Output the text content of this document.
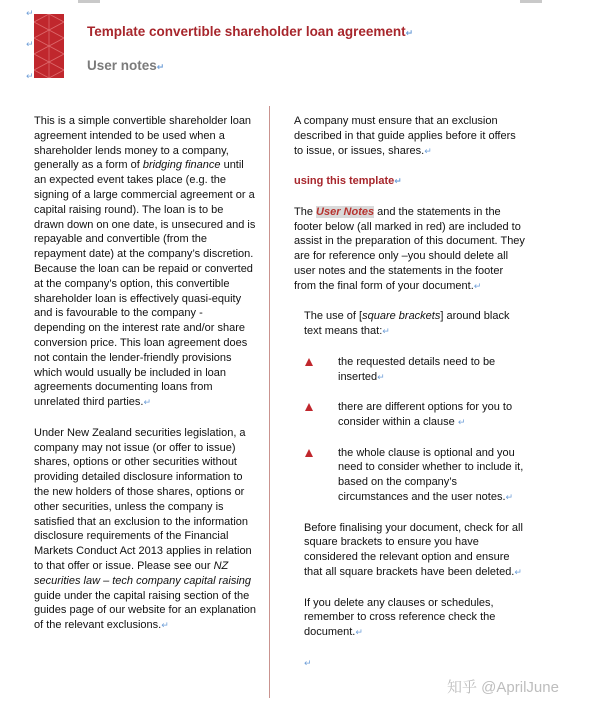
↵
↵
↵
Template convertible shareholder loan agreement↵
User notes↵

This is a simple convertible shareholder loan agreement intended to be used when a shareholder lends money to a company, generally as a form of bridging finance until an expected event takes place (e.g. the signing of a large commercial agreement or a capital raising round). The loan is to be drawn down on one date, is unsecured and is repayable and convertible (from the repayment date) at the company’s discretion. Because the loan can be repaid or converted at the company’s option, this convertible shareholder loan is effectively quasi-equity and is favourable to the company - depending on the interest rate and/or share conversion price. This loan agreement does not contain the lender-friendly provisions which would usually be included in loan agreements documenting loans from unrelated third parties.↵

Under New Zealand securities legislation, a company may not issue (or offer to issue) shares, options or other securities without providing detailed disclosure information to the new holders of those shares, options or other securities, unless the company is satisfied that an exclusion to the information disclosure requirements of the Financial Markets Conduct Act 2013 applies in relation to that offer or issue. Please see our NZ securities law – tech company capital raising guide under the capital raising section of the guides page of our website for an explanation of the relevant exclusions.↵

A company must ensure that an exclusion described in that guide applies before it offers to issue, or issues, shares.↵

using this template↵

The User Notes and the statements in the footer below (all marked in red) are included to assist in the preparation of this document. They are for reference only –you should delete all user notes and the statements in the footer from the final form of your document.↵

The use of [square brackets] around black text means that:↵

the requested details need to be inserted↵
there are different options for you to consider within a clause ↵
the whole clause is optional and you need to consider whether to include it, based on the company’s circumstances and the user notes.↵

Before finalising your document, check for all square brackets to ensure you have considered the relevant option and ensure that all square brackets have been deleted.↵

If you delete any clauses or schedules, remember to cross reference check the document.↵

↵

知乎 @AprilJune
